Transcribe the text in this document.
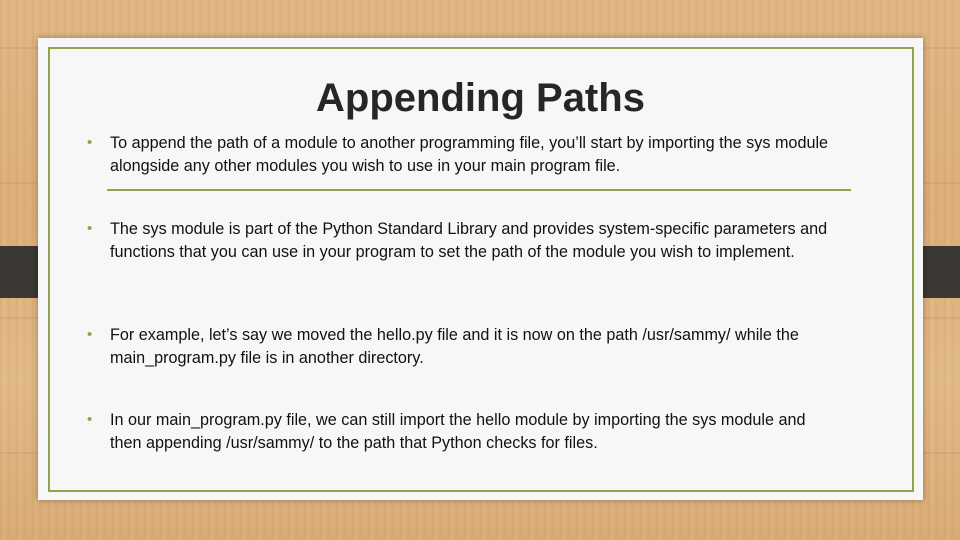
Appending Paths
• To append the path of a module to another programming file, you’ll start by importing the sys module alongside any other modules you wish to use in your main program file.
• The sys module is part of the Python Standard Library and provides system-specific parameters and functions that you can use in your program to set the path of the module you wish to implement.
• For example, let’s say we moved the hello.py file and it is now on the path /usr/sammy/ while the main_program.py file is in another directory.
• In our main_program.py file, we can still import the hello module by importing the sys module and then appending /usr/sammy/ to the path that Python checks for files.
